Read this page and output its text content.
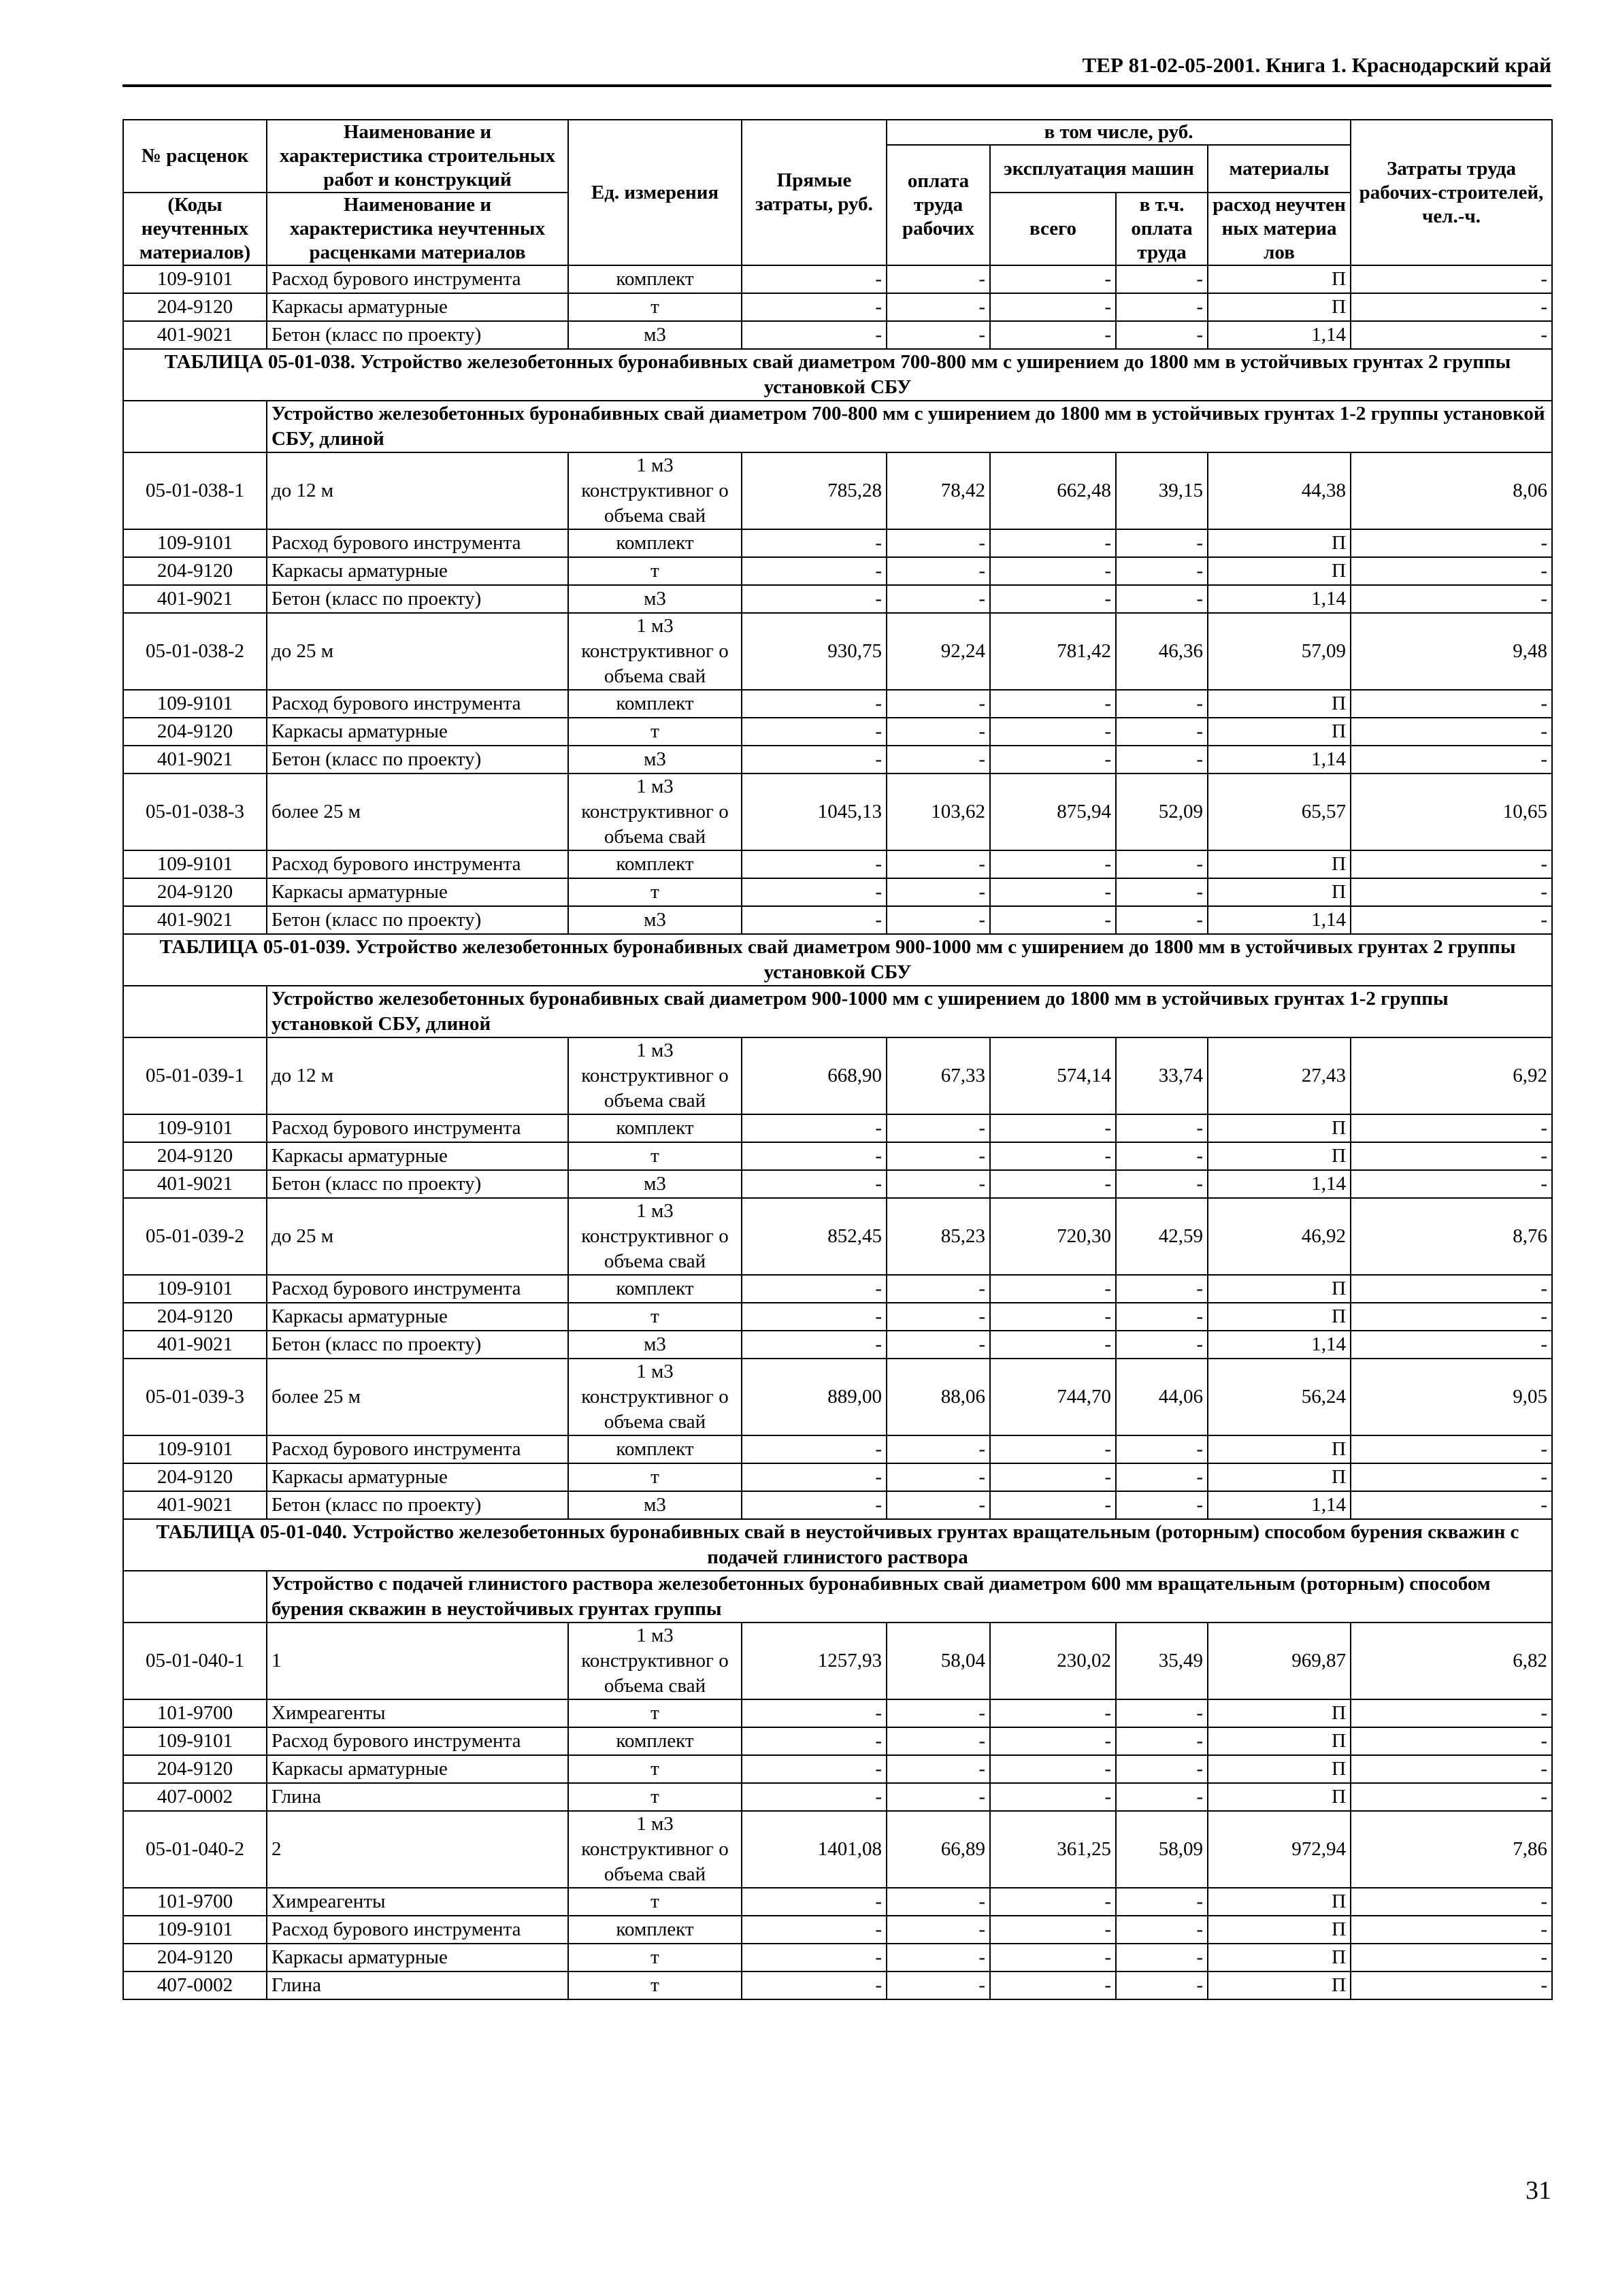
ТЕР 81-02-05-2001. Книга 1. Краснодарский край
№ расценок	Наименование и характеристика строительных работ и конструкций	Ед. измерения	Прямые затраты, руб.	в том числе, руб.				Затраты труда рабочих-строителей, чел.-ч.
				оплата труда рабочих	эксплуатация машин		материалы	
(Коды неучтенных материалов)	Наименование и характеристика неучтенных расценками материалов				всего	в т.ч. оплата труда	расход неучтен ных материа лов	

109-9101	Расход бурового инструмента	комплект	-	-	-	-	П	-
204-9120	Каркасы арматурные	т	-	-	-	-	П	-
401-9021	Бетон (класс по проекту)	м3	-	-	-	-	1,14	-
ТАБЛИЦА 05-01-038. Устройство железобетонных буронабивных свай диаметром 700-800 мм с уширением до 1800 мм в устойчивых грунтах 2 группы установкой СБУ								
	Устройство железобетонных буронабивных свай диаметром 700-800 мм с уширением до 1800 мм в устойчивых грунтах 1-2 группы установкой СБУ, длиной							
05-01-038-1	до 12 м	1 м3 конструктивног о объема свай	785,28	78,42	662,48	39,15	44,38	8,06
109-9101	Расход бурового инструмента	комплект	-	-	-	-	П	-
204-9120	Каркасы арматурные	т	-	-	-	-	П	-
401-9021	Бетон (класс по проекту)	м3	-	-	-	-	1,14	-
05-01-038-2	до 25 м	1 м3 конструктивног о объема свай	930,75	92,24	781,42	46,36	57,09	9,48
109-9101	Расход бурового инструмента	комплект	-	-	-	-	П	-
204-9120	Каркасы арматурные	т	-	-	-	-	П	-
401-9021	Бетон (класс по проекту)	м3	-	-	-	-	1,14	-
05-01-038-3	более 25 м	1 м3 конструктивног о объема свай	1045,13	103,62	875,94	52,09	65,57	10,65
109-9101	Расход бурового инструмента	комплект	-	-	-	-	П	-
204-9120	Каркасы арматурные	т	-	-	-	-	П	-
401-9021	Бетон (класс по проекту)	м3	-	-	-	-	1,14	-
ТАБЛИЦА 05-01-039. Устройство железобетонных буронабивных свай диаметром 900-1000 мм с уширением до 1800 мм в устойчивых грунтах 2 группы установкой СБУ								
	Устройство железобетонных буронабивных свай диаметром 900-1000 мм с уширением до 1800 мм в устойчивых грунтах 1-2 группы установкой СБУ, длиной							
05-01-039-1	до 12 м	1 м3 конструктивног о объема свай	668,90	67,33	574,14	33,74	27,43	6,92
109-9101	Расход бурового инструмента	комплект	-	-	-	-	П	-
204-9120	Каркасы арматурные	т	-	-	-	-	П	-
401-9021	Бетон (класс по проекту)	м3	-	-	-	-	1,14	-
05-01-039-2	до 25 м	1 м3 конструктивног о объема свай	852,45	85,23	720,30	42,59	46,92	8,76
109-9101	Расход бурового инструмента	комплект	-	-	-	-	П	-
204-9120	Каркасы арматурные	т	-	-	-	-	П	-
401-9021	Бетон (класс по проекту)	м3	-	-	-	-	1,14	-
05-01-039-3	более 25 м	1 м3 конструктивног о объема свай	889,00	88,06	744,70	44,06	56,24	9,05
109-9101	Расход бурового инструмента	комплект	-	-	-	-	П	-
204-9120	Каркасы арматурные	т	-	-	-	-	П	-
401-9021	Бетон (класс по проекту)	м3	-	-	-	-	1,14	-
ТАБЛИЦА 05-01-040. Устройство железобетонных буронабивных свай в неустойчивых грунтах вращательным (роторным) способом бурения скважин с подачей глинистого раствора								
	Устройство с подачей глинистого раствора железобетонных буронабивных свай диаметром 600 мм вращательным (роторным) способом бурения скважин в неустойчивых грунтах группы							
05-01-040-1	1	1 м3 конструктивног о объема свай	1257,93	58,04	230,02	35,49	969,87	6,82
101-9700	Химреагенты	т	-	-	-	-	П	-
109-9101	Расход бурового инструмента	комплект	-	-	-	-	П	-
204-9120	Каркасы арматурные	т	-	-	-	-	П	-
407-0002	Глина	т	-	-	-	-	П	-
05-01-040-2	2	1 м3 конструктивног о объема свай	1401,08	66,89	361,25	58,09	972,94	7,86
101-9700	Химреагенты	т	-	-	-	-	П	-
109-9101	Расход бурового инструмента	комплект	-	-	-	-	П	-
204-9120	Каркасы арматурные	т	-	-	-	-	П	-
407-0002	Глина	т	-	-	-	-	П	-
31
